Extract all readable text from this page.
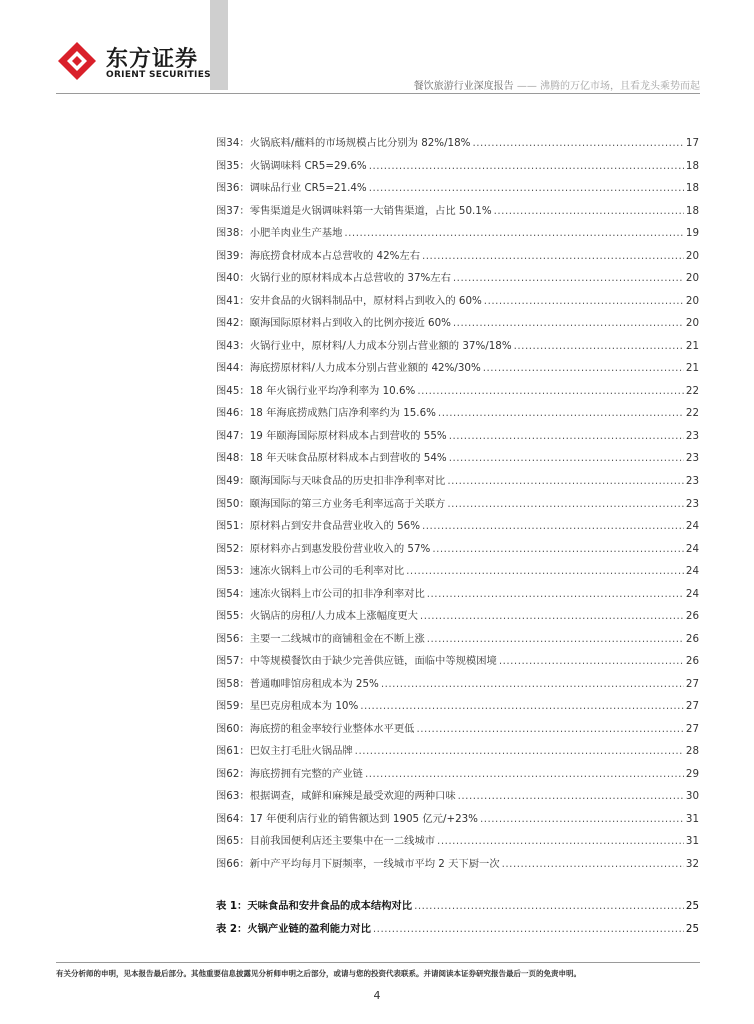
东方证券
ORIENT SECURITIES
餐饮旅游行业深度报告 —— 沸腾的万亿市场，且看龙头乘势而起
图34：火锅底料/蘸料的市场规模占比分别为 82%/18% .....	17
图35：火锅调味料 CR5=29.6% .....	18
图36：调味品行业 CR5=21.4% .....	18
图37：零售渠道是火锅调味料第一大销售渠道，占比 50.1% .....	18
图38：小肥羊肉业生产基地 .....	19
图39：海底捞食材成本占总营收的 42%左右 .....	20
图40：火锅行业的原材料成本占总营收的 37%左右 .....	20
图41：安井食品的火锅料制品中，原材料占到收入的 60% .....	20
图42：颐海国际原材料占到收入的比例亦接近 60% .....	20
图43：火锅行业中，原材料/人力成本分别占营业额的 37%/18% .....	21
图44：海底捞原材料/人力成本分别占营业额的 42%/30% .....	21
图45：18 年火锅行业平均净利率为 10.6% .....	22
图46：18 年海底捞成熟门店净利率约为 15.6% .....	22
图47：19 年颐海国际原材料成本占到营收的 55% .....	23
图48：18 年天味食品原材料成本占到营收的 54% .....	23
图49：颐海国际与天味食品的历史扣非净利率对比 .....	23
图50：颐海国际的第三方业务毛利率远高于关联方 .....	23
图51：原材料占到安井食品营业收入的 56% .....	24
图52：原材料亦占到惠发股份营业收入的 57% .....	24
图53：速冻火锅料上市公司的毛利率对比 .....	24
图54：速冻火锅料上市公司的扣非净利率对比 .....	24
图55：火锅店的房租/人力成本上涨幅度更大 .....	26
图56：主要一二线城市的商铺租金在不断上涨 .....	26
图57：中等规模餐饮由于缺少完善供应链，面临中等规模困境 .....	26
图58：普通咖啡馆房租成本为 25% .....	27
图59：星巴克房租成本为 10% .....	27
图60：海底捞的租金率较行业整体水平更低 .....	27
图61：巴奴主打毛肚火锅品牌 .....	28
图62：海底捞拥有完整的产业链 .....	29
图63：根据调查，咸鲜和麻辣是最受欢迎的两种口味 .....	30
图64：17 年便利店行业的销售额达到 1905 亿元/+23% .....	31
图65：目前我国便利店还主要集中在一二线城市 .....	31
图66：新中产平均每月下厨频率，一线城市平均 2 天下厨一次 .....	32
表 1：天味食品和安井食品的成本结构对比 .....	25
表 2：火锅产业链的盈利能力对比 .....	25
有关分析师的申明，见本报告最后部分。其他重要信息披露见分析师申明之后部分，或请与您的投资代表联系。并请阅读本证券研究报告最后一页的免责申明。
4
